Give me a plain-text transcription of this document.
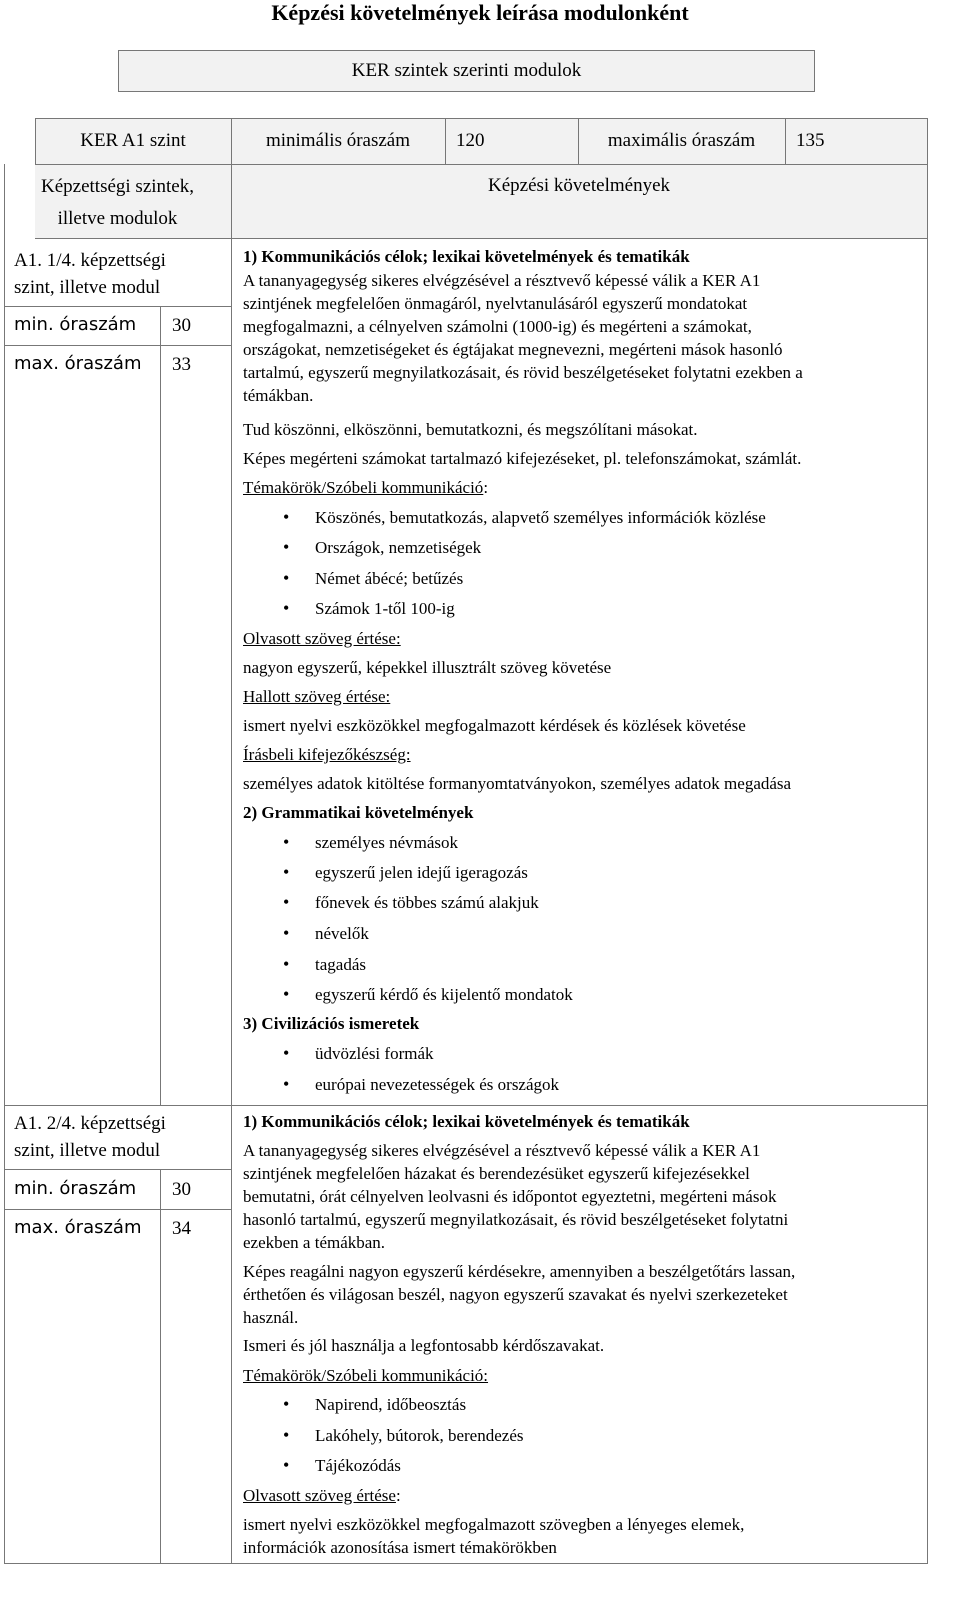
Képzési követelmények leírása modulonként
KER szintek szerinti modulok
KER A1 szint	minimális óraszám 120	maximális óraszám 135
Képzettségi szintek,
illetve modulok
Képzési követelmények
A1. 1/4. képzettségi
szint, illetve modul
min. óraszám 30
max. óraszám 33
1) Kommunikációs célok; lexikai követelmények és tematikák
A tananyagegység sikeres elvégzésével a résztvevő képessé válik a KER A1
szintjének megfelelően önmagáról, nyelvtanulásáról egyszerű mondatokat
megfogalmazni, a célnyelven számolni (1000-ig) és megérteni a számokat,
országokat, nemzetiségeket és égtájakat megnevezni, megérteni mások hasonló
tartalmú, egyszerű megnyilatkozásait, és rövid beszélgetéseket folytatni ezekben a
témákban.
Tud köszönni, elköszönni, bemutatkozni, és megszólítani másokat.
Képes megérteni számokat tartalmazó kifejezéseket, pl. telefonszámokat, számlát.
Témakörök/Szóbeli kommunikáció:
• Köszönés, bemutatkozás, alapvető személyes információk közlése
• Országok, nemzetiségek
• Német ábécé; betűzés
• Számok 1-től 100-ig
Olvasott szöveg értése:
nagyon egyszerű, képekkel illusztrált szöveg követése
Hallott szöveg értése:
ismert nyelvi eszközökkel megfogalmazott kérdések és közlések követése
Írásbeli kifejezőkészség:
személyes adatok kitöltése formanyomtatványokon, személyes adatok megadása
2) Grammatikai követelmények
• személyes névmások
• egyszerű jelen idejű igeragozás
• főnevek és többes számú alakjuk
• névelők
• tagadás
• egyszerű kérdő és kijelentő mondatok
3) Civilizációs ismeretek
• üdvözlési formák
• európai nevezetességek és országok
A1. 2/4. képzettségi
szint, illetve modul
min. óraszám 30
max. óraszám 34
1) Kommunikációs célok; lexikai követelmények és tematikák
A tananyagegység sikeres elvégzésével a résztvevő képessé válik a KER A1
szintjének megfelelően házakat és berendezésüket egyszerű kifejezésekkel
bemutatni, órát célnyelven leolvasni és időpontot egyeztetni, megérteni mások
hasonló tartalmú, egyszerű megnyilatkozásait, és rövid beszélgetéseket folytatni
ezekben a témákban.
Képes reagálni nagyon egyszerű kérdésekre, amennyiben a beszélgetőtárs lassan,
érthetően és világosan beszél, nagyon egyszerű szavakat és nyelvi szerkezeteket
használ.
Ismeri és jól használja a legfontosabb kérdőszavakat.
Témakörök/Szóbeli kommunikáció:
• Napirend, időbeosztás
• Lakóhely, bútorok, berendezés
• Tájékozódás
Olvasott szöveg értése:
ismert nyelvi eszközökkel megfogalmazott szövegben a lényeges elemek,
információk azonosítása ismert témakörökben
